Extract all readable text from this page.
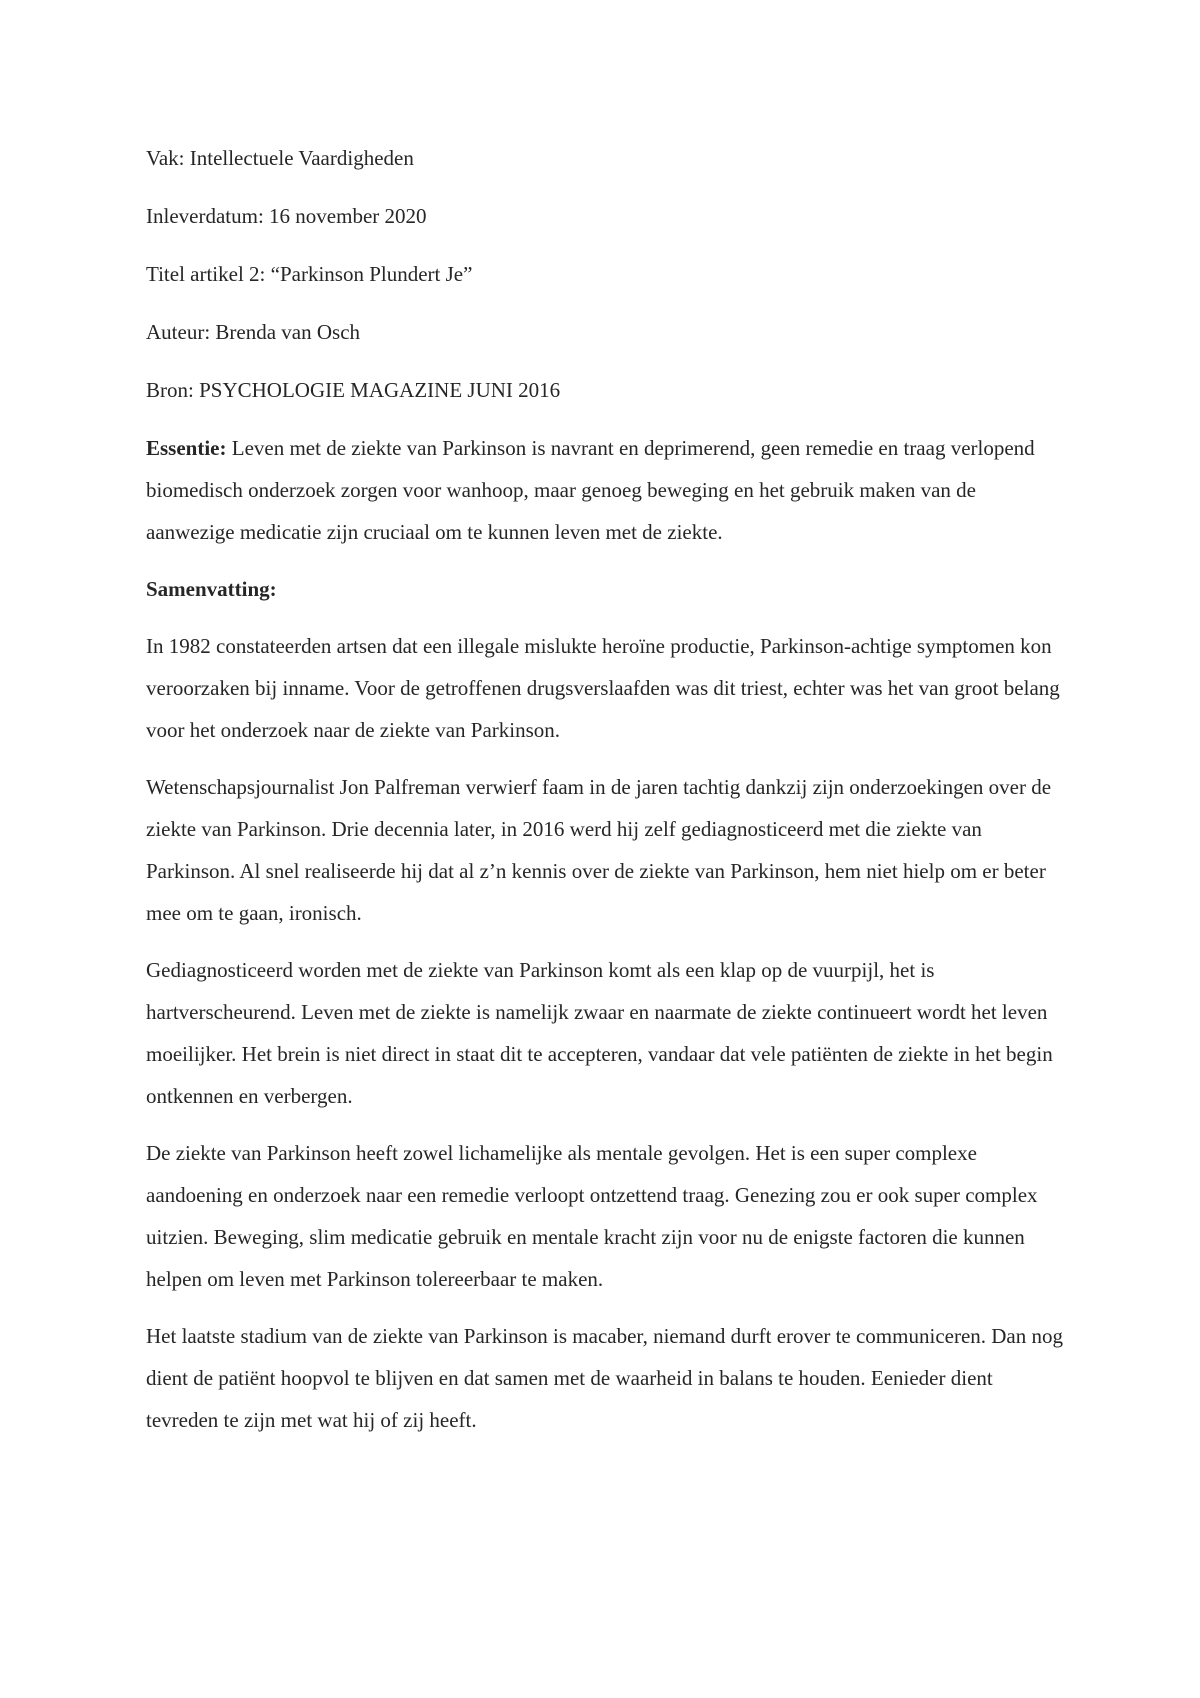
Vak: Intellectuele Vaardigheden

Inleverdatum: 16 november 2020

Titel artikel 2: “Parkinson Plundert Je”

Auteur: Brenda van Osch

Bron: PSYCHOLOGIE MAGAZINE JUNI 2016

Essentie: Leven met de ziekte van Parkinson is navrant en deprimerend, geen remedie en traag verlopend biomedisch onderzoek zorgen voor wanhoop, maar genoeg beweging en het gebruik maken van de aanwezige medicatie zijn cruciaal om te kunnen leven met de ziekte.

Samenvatting:

In 1982 constateerden artsen dat een illegale mislukte heroïne productie, Parkinson-achtige symptomen kon veroorzaken bij inname. Voor de getroffenen drugsverslaafden was dit triest, echter was het van groot belang voor het onderzoek naar de ziekte van Parkinson.

Wetenschapsjournalist Jon Palfreman verwierf faam in de jaren tachtig dankzij zijn onderzoekingen over de ziekte van Parkinson. Drie decennia later, in 2016 werd hij zelf gediagnosticeerd met die ziekte van Parkinson. Al snel realiseerde hij dat al z’n kennis over de ziekte van Parkinson, hem niet hielp om er beter mee om te gaan, ironisch.

Gediagnosticeerd worden met de ziekte van Parkinson komt als een klap op de vuurpijl, het is hartverscheurend. Leven met de ziekte is namelijk zwaar en naarmate de ziekte continueert wordt het leven moeilijker. Het brein is niet direct in staat dit te accepteren, vandaar dat vele patiënten de ziekte in het begin ontkennen en verbergen.

De ziekte van Parkinson heeft zowel lichamelijke als mentale gevolgen. Het is een super complexe aandoening en onderzoek naar een remedie verloopt ontzettend traag. Genezing zou er ook super complex uitzien. Beweging, slim medicatie gebruik en mentale kracht zijn voor nu de enigste factoren die kunnen helpen om leven met Parkinson tolereerbaar te maken.

Het laatste stadium van de ziekte van Parkinson is macaber, niemand durft erover te communiceren. Dan nog dient de patiënt hoopvol te blijven en dat samen met de waarheid in balans te houden. Eenieder dient tevreden te zijn met wat hij of zij heeft.
